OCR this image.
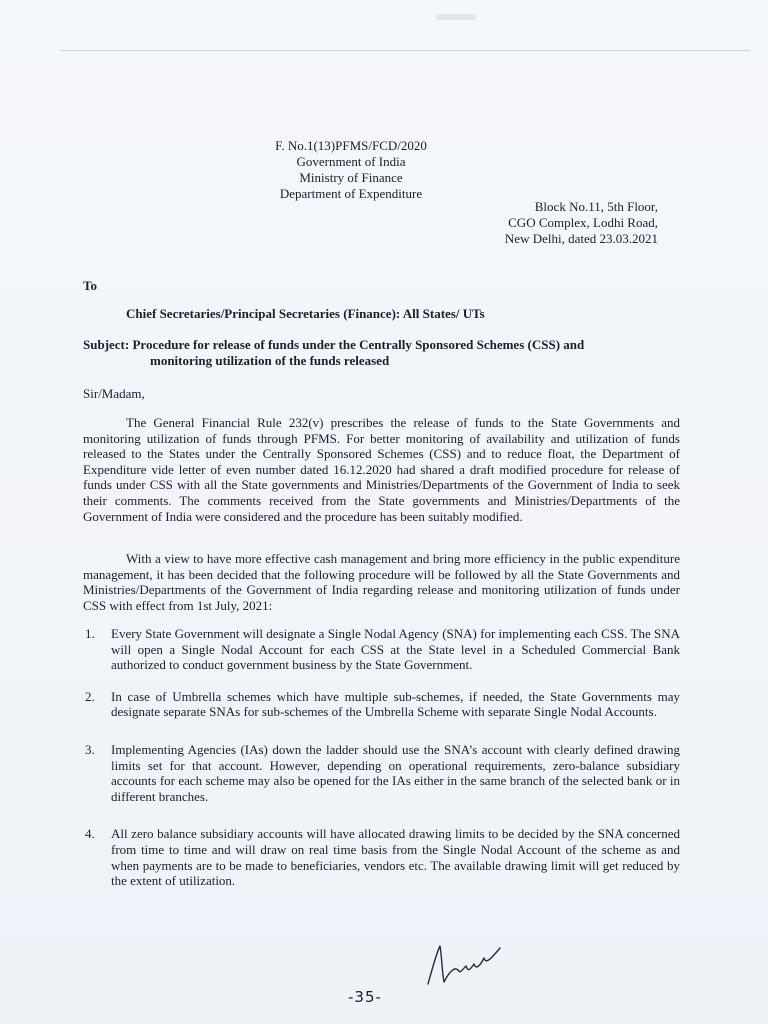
F. No.1(13)PFMS/FCD/2020
Government of India
Ministry of Finance
Department of Expenditure
Block No.11, 5th Floor,
CGO Complex, Lodhi Road,
New Delhi, dated 23.03.2021
To
Chief Secretaries/Principal Secretaries (Finance): All States/ UTs
Subject: Procedure for release of funds under the Centrally Sponsored Schemes (CSS) and
monitoring utilization of the funds released
Sir/Madam,

The General Financial Rule 232(v) prescribes the release of funds to the State Governments and monitoring utilization of funds through PFMS. For better monitoring of availability and utilization of funds released to the States under the Centrally Sponsored Schemes (CSS) and to reduce float, the Department of Expenditure vide letter of even number dated 16.12.2020 had shared a draft modified procedure for release of funds under CSS with all the State governments and Ministries/Departments of the Government of India to seek their comments. The comments received from the State governments and Ministries/Departments of the Government of India were considered and the procedure has been suitably modified.

With a view to have more effective cash management and bring more efficiency in the public expenditure management, it has been decided that the following procedure will be followed by all the State Governments and Ministries/Departments of the Government of India regarding release and monitoring utilization of funds under CSS with effect from 1st July, 2021:

1. Every State Government will designate a Single Nodal Agency (SNA) for implementing each CSS. The SNA will open a Single Nodal Account for each CSS at the State level in a Scheduled Commercial Bank authorized to conduct government business by the State Government.
2. In case of Umbrella schemes which have multiple sub-schemes, if needed, the State Governments may designate separate SNAs for sub-schemes of the Umbrella Scheme with separate Single Nodal Accounts.
3. Implementing Agencies (IAs) down the ladder should use the SNA’s account with clearly defined drawing limits set for that account. However, depending on operational requirements, zero-balance subsidiary accounts for each scheme may also be opened for the IAs either in the same branch of the selected bank or in different branches.
4. All zero balance subsidiary accounts will have allocated drawing limits to be decided by the SNA concerned from time to time and will draw on real time basis from the Single Nodal Account of the scheme as and when payments are to be made to beneficiaries, vendors etc. The available drawing limit will get reduced by the extent of utilization.
-35-
